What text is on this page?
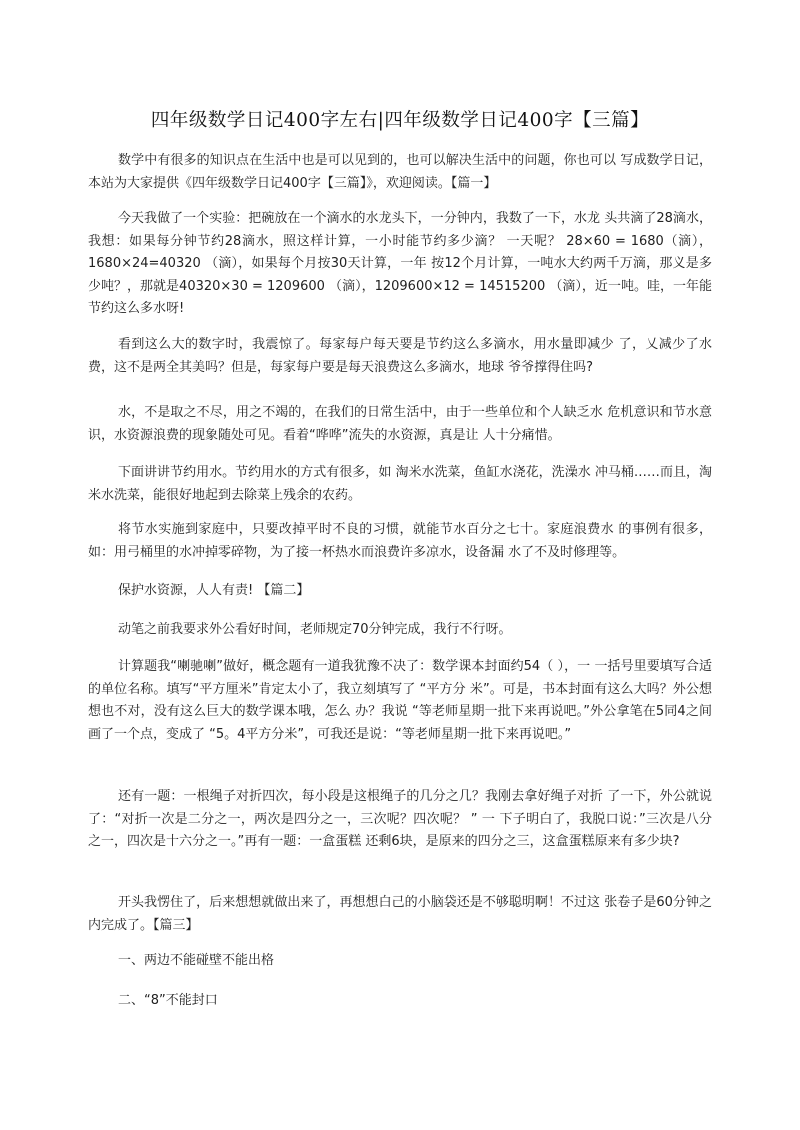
四年级数学日记400字左右|四年级数学日记400字【三篇】

数学中有很多的知识点在生活中也是可以见到的，也可以解决生活中的问题，你也可以 写成数学日记，本站为大家提供《四年级数学日记400字【三篇】》，欢迎阅读。【篇一】

今天我做了一个实验：把碗放在一个滴水的水龙头下，一分钟内，我数了一下，水龙 头共滴了28滴水，我想：如果每分钟节约28滴水，照这样计算，一小时能节约多少滴？ 一天呢？ 28×60 = 1680（滴），1680×24=40320 （滴），如果每个月按30天计算，一年 按12个月计算，一吨水大约两千万滴，那义是多少吨？，那就是40320×30 = 1209600 （滴），1209600×12 = 14515200 （滴），近一吨。哇，一年能节约这么多水呀!

看到这么大的数字时，我震惊了。每家每户每天要是节约这么多滴水，用水量即减少 了，乂减少了水费，这不是两全其美吗？但是，每家每户要是每天浪费这么多滴水，地球 爷爷撑得住吗?

水，不是取之不尽，用之不竭的，在我们的日常生活中，由于一些单位和个人缺乏水 危机意识和节水意识，水资源浪费的现象随处可见。看着“哗哗”流失的水资源，真是让 人十分痛惜。

下面讲讲节约用水。节约用水的方式有很多，如 淘米水洗菜，鱼缸水浇花，洗澡水 冲马桶……而且，淘米水洗菜，能很好地起到去除菜上残余的农药。

将节水实施到家庭中，只要改掉平时不良的习惯，就能节水百分之七十。家庭浪费水 的事例有很多，如：用弓桶里的水冲掉零碎物，为了接一杯热水而浪费许多凉水，设备漏 水了不及时修理等。

保护水资源，人人有责! 【篇二】

动笔之前我要求外公看好时间，老师规定70分钟完成，我行不行呀。

计算题我“喇驰喇”做好，概念题有一道我犹豫不决了：数学课本封面约54（ ），一 一括号里要填写合适的单位名称。填写“平方厘米”肯定太小了，我立刻填写了 “平方分 米”。可是，书本封面有这么大吗？外公想想也不对，没有这么巨大的数学课本哦，怎么 办？我说 “等老师星期一批下来再说吧。”外公拿笔在5同4之间画了一个点，变成了 “5。4平方分米”，可我还是说：“等老师星期一批下来再说吧。”

还有一题：一根绳子对折四次，每小段是这根绳子的几分之几？我刚去拿好绳子对折 了一下，外公就说了：“对折一次是二分之一，两次是四分之一，三次呢？四次呢？ ” 一 下子明白了，我脱口说：”三次是八分之一，四次是十六分之一。”再有一题：一盒蛋糕 还剩6块，是原来的四分之三，这盒蛋糕原来有多少块?

开头我愣住了，后来想想就做出来了，再想想白己的小脑袋还是不够聪明啊！不过这 张卷子是60分钟之内完成了。【篇三】

一、两边不能碰壁不能出格

二、“8”不能封口
